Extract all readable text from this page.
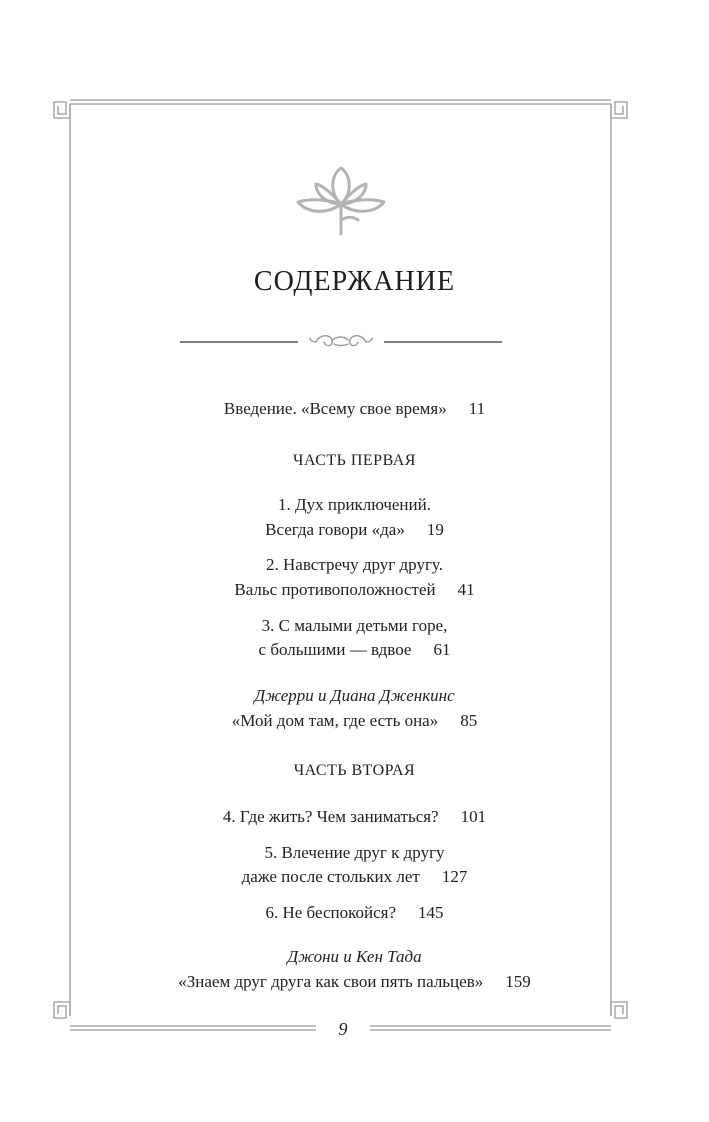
СОДЕРЖАНИЕ
Введение. «Всему свое время» 11
ЧАСТЬ ПЕРВАЯ
1. Дух приключений.
Всегда говори «да» 19
2. Навстречу друг другу.
Вальс противоположностей 41
3. С малыми детьми горе,
с большими — вдвое 61
Джерри и Диана Дженкинс
«Мой дом там, где есть она» 85
ЧАСТЬ ВТОРАЯ
4. Где жить? Чем заниматься? 101
5. Влечение друг к другу
даже после стольких лет 127
6. Не беспокойся? 145
Джони и Кен Тада
«Знаем друг друга как свои пять пальцев» 159
9
